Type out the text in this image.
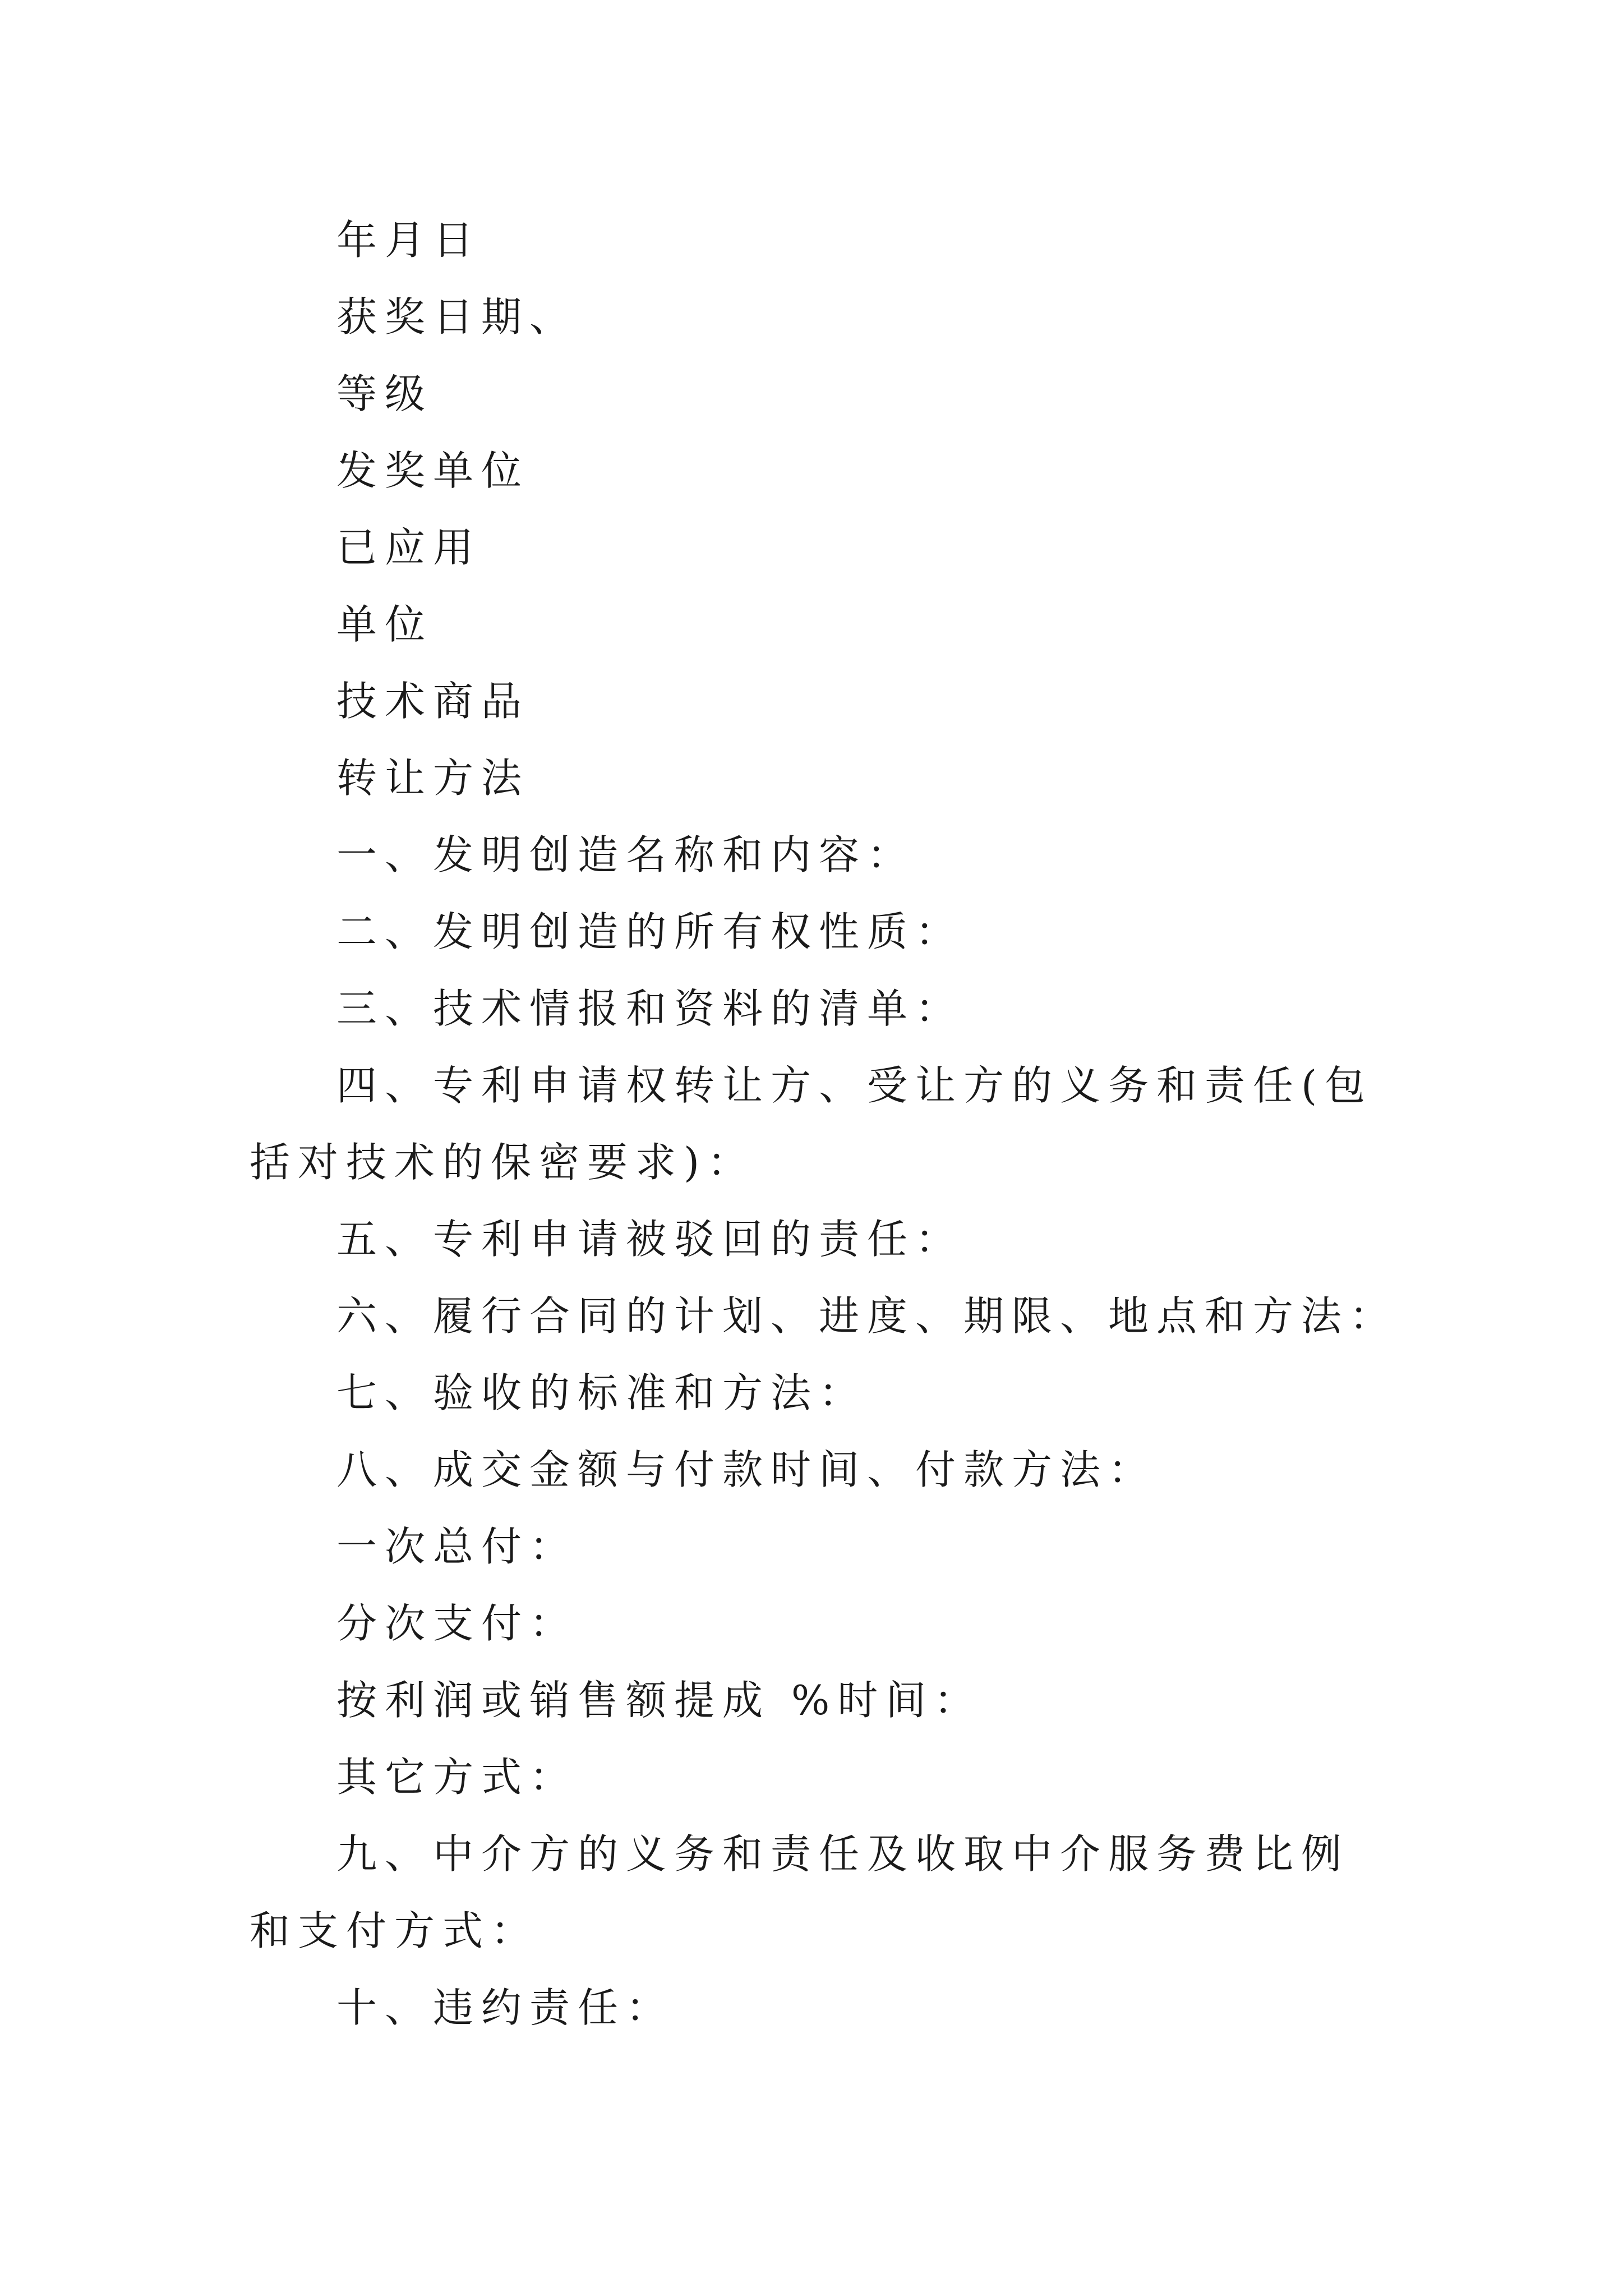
年月日
获奖日期、
等级
发奖单位
已应用
单位
技术商品
转让方法
一、发明创造名称和内容：
二、发明创造的所有权性质：
三、技术情报和资料的清单：
四、专利申请权转让方、受让方的义务和责任(包括对技术的保密要求)：
五、专利申请被驳回的责任：
六、履行合同的计划、进度、期限、地点和方法：
七、验收的标准和方法：
八、成交金额与付款时间、付款方法：
一次总付：
分次支付：
按利润或销售额提成 %时间：
其它方式：
九、中介方的义务和责任及收取中介服务费比例和支付方式：
十、违约责任：
